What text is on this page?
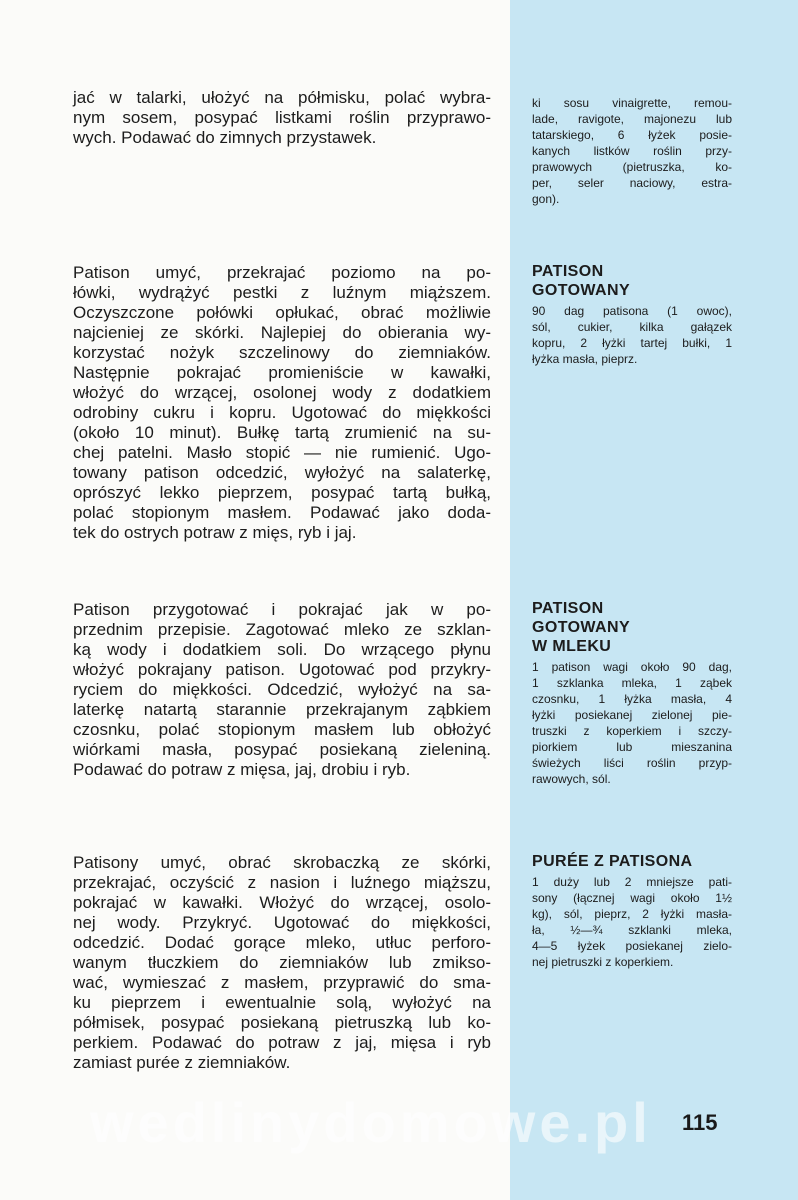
jać w talarki, ułożyć na półmisku, polać wybra-
nym sosem, posypać listkami roślin przyprawo-
wych. Podawać do zimnych przystawek.

ki sosu vinaigrette, remou-
lade, ravigote, majonezu lub
tatarskiego, 6 łyżek posie-
kanych listków roślin przy-
prawowych (pietruszka, ko-
per, seler naciowy, estra-
gon).

Patison umyć, przekrajać poziomo na po-
łówki, wydrążyć pestki z luźnym miąższem.
Oczyszczone połówki opłukać, obrać możliwie
najcieniej ze skórki. Najlepiej do obierania wy-
korzystać nożyk szczelinowy do ziemniaków.
Następnie pokrajać promieniście w kawałki,
włożyć do wrzącej, osolonej wody z dodatkiem
odrobiny cukru i kopru. Ugotować do miękkości
(około 10 minut). Bułkę tartą zrumienić na su-
chej patelni. Masło stopić — nie rumienić. Ugo-
towany patison odcedzić, wyłożyć na salaterkę,
oprószyć lekko pieprzem, posypać tartą bułką,
polać stopionym masłem. Podawać jako doda-
tek do ostrych potraw z mięs, ryb i jaj.

PATISON
GOTOWANY
90 dag patisona (1 owoc),
sól, cukier, kilka gałązek
kopru, 2 łyżki tartej bułki, 1
łyżka masła, pieprz.

Patison przygotować i pokrajać jak w po-
przednim przepisie. Zagotować mleko ze szklan-
ką wody i dodatkiem soli. Do wrzącego płynu
włożyć pokrajany patison. Ugotować pod przykry-
ryciem do miękkości. Odcedzić, wyłożyć na sa-
laterkę natartą starannie przekrajanym ząbkiem
czosnku, polać stopionym masłem lub obłożyć
wiórkami masła, posypać posiekaną zieleniną.
Podawać do potraw z mięsa, jaj, drobiu i ryb.

PATISON
GOTOWANY
W MLEKU
1 patison wagi około 90 dag,
1 szklanka mleka, 1 ząbek
czosnku, 1 łyżka masła, 4
łyżki posiekanej zielonej pie-
truszki z koperkiem i szczy-
piorkiem lub mieszanina
świeżych liści roślin przyp-
rawowych, sól.

Patisony umyć, obrać skrobaczką ze skórki,
przekrajać, oczyścić z nasion i luźnego miąższu,
pokrajać w kawałki. Włożyć do wrzącej, osolo-
nej wody. Przykryć. Ugotować do miękkości,
odcedzić. Dodać gorące mleko, utłuc perforo-
wanym tłuczkiem do ziemniaków lub zmikso-
wać, wymieszać z masłem, przyprawić do sma-
ku pieprzem i ewentualnie solą, wyłożyć na
półmisek, posypać posiekaną pietruszką lub ko-
perkiem. Podawać do potraw z jaj, mięsa i ryb
zamiast purée z ziemniaków.

PURÉE Z PATISONA
1 duży lub 2 mniejsze pati-
sony (łącznej wagi około 1½
kg), sól, pieprz, 2 łyżki masła-
ła, ½—¾ szklanki mleka,
4—5 łyżek posiekanej zielo-
nej pietruszki z koperkiem.
wedlinydomowe.pl 115
